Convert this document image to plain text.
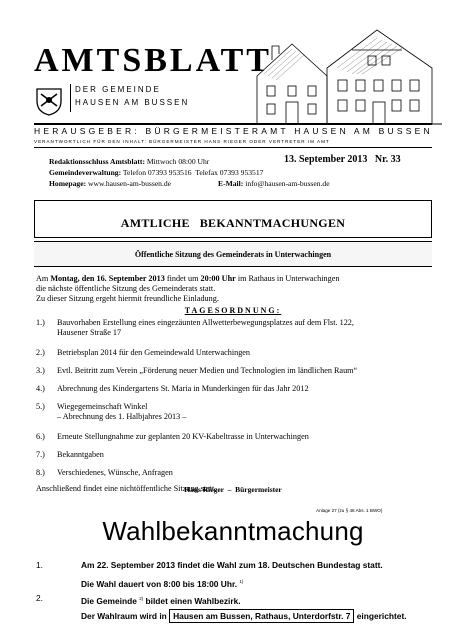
AMTSBLATT
DER GEMEINDE
HAUSEN AM BUSSEN
HERAUSGEBER: BÜRGERMEISTERAMT HAUSEN AM BUSSEN
VERANTWORTLICH FÜR DEN INHALT: BÜRGERMEISTER HANS RIEGER ODER VERTRETER IM AMT
Redaktionsschluss Amtsblatt: Mittwoch 08:00 Uhr	13. September 2013   Nr. 33
Gemeindeverwaltung: Telefon 07393 953516  Telefax 07393 953517
Homepage: www.hausen-am-bussen.de	E-Mail: info@hausen-am-bussen.de
AMTLICHE   BEKANNTMACHUNGEN
Öffentliche Sitzung des Gemeinderats in Unterwachingen
Am Montag, den 16. September 2013 findet um 20:00 Uhr im Rathaus in Unterwachingen
die nächste öffentliche Sitzung des Gemeinderats statt.
Zu dieser Sitzung ergeht hiermit freundliche Einladung.
TAGESORDNUNG:
1.) Bauvorhaben Erstellung eines eingezäunten Allwetterbewegungsplatzes auf dem Flst. 122,
Hausener Straße 17
2.) Betriebsplan 2014 für den Gemeindewald Unterwachingen
3.) Evtl. Beitritt zum Verein „Förderung neuer Medien und Technologien im ländlichen Raum“
4.) Abrechnung des Kindergartens St. Maria in Munderkingen für das Jahr 2012
5.) Wiegegemeinschaft Winkel
– Abrechnung des 1. Halbjahres 2013 –
6.) Erneute Stellungnahme zur geplanten 20 KV-Kabeltrasse in Unterwachingen
7.) Bekanntgaben
8.) Verschiedenes, Wünsche, Anfragen
Anschließend findet eine nichtöffentliche Sitzung statt.
Hans Rieger  –  Bürgermeister
Anlage 27 (zu § 48 Abs. 1 BWO)
Wahlbekanntmachung
1.	Am 22. September 2013 findet die Wahl zum 18. Deutschen Bundestag statt.
Die Wahl dauert von 8:00 bis 18:00 Uhr. $^{1)}$
2.	Die Gemeinde $^{2)}$ bildet einen Wahlbezirk.
Der Wahlraum wird in Hausen am Bussen, Rathaus, Unterdorfstr. 7 eingerichtet.
